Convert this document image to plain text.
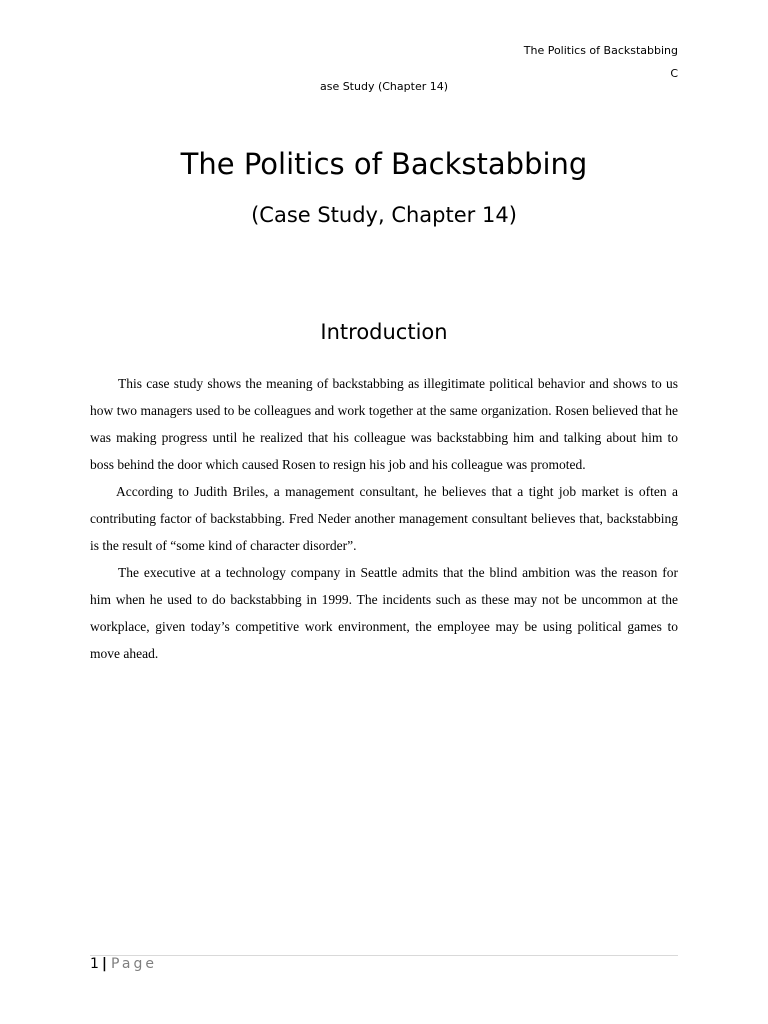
The Politics of Backstabbing
C
ase Study (Chapter 14)
The Politics of Backstabbing
(Case Study, Chapter 14)
Introduction

This case study shows the meaning of backstabbing as illegitimate political behavior and shows to us how two managers used to be colleagues and work together at the same organization. Rosen believed that he was making progress until he realized that his colleague was backstabbing him and talking about him to boss behind the door which caused Rosen to resign his job and his colleague was promoted.

According to Judith Briles, a management consultant, he believes that a tight job market is often a contributing factor of backstabbing. Fred Neder another management consultant believes that, backstabbing is the result of “some kind of character disorder”.

The executive at a technology company in Seattle admits that the blind ambition was the reason for him when he used to do backstabbing in 1999. The incidents such as these may not be uncommon at the workplace, given today’s competitive work environment, the employee may be using political games to move ahead.

1 | Page
